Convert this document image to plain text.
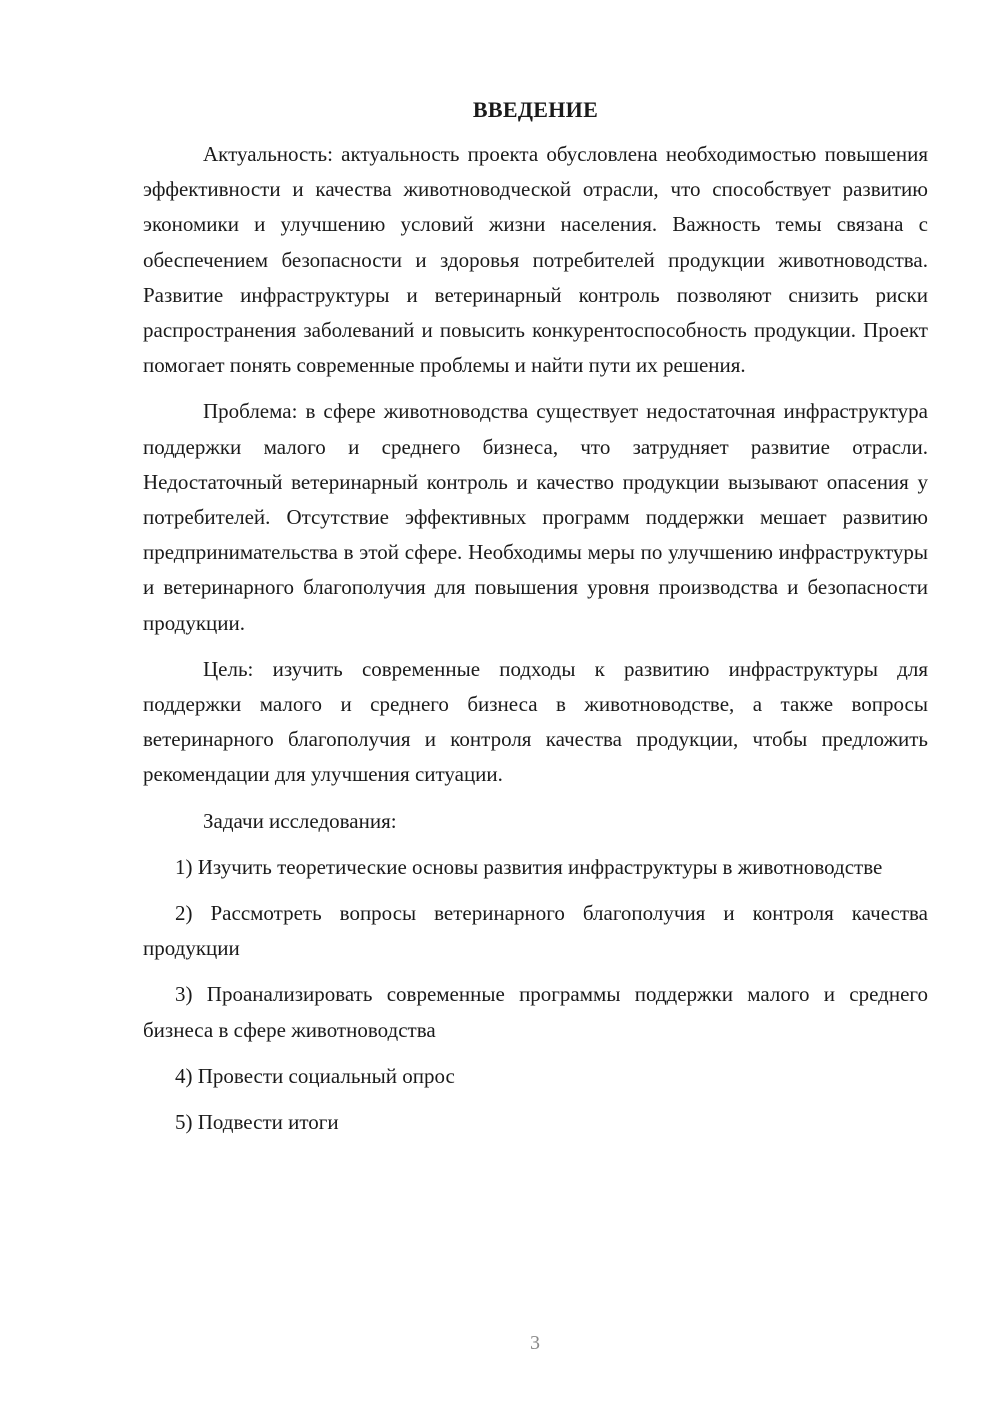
ВВЕДЕНИЕ

Актуальность: актуальность проекта обусловлена необходимостью повышения эффективности и качества животноводческой отрасли, что способствует развитию экономики и улучшению условий жизни населения. Важность темы связана с обеспечением безопасности и здоровья потребителей продукции животноводства. Развитие инфраструктуры и ветеринарный контроль позволяют снизить риски распространения заболеваний и повысить конкурентоспособность продукции. Проект помогает понять современные проблемы и найти пути их решения.

Проблема: в сфере животноводства существует недостаточная инфраструктура поддержки малого и среднего бизнеса, что затрудняет развитие отрасли. Недостаточный ветеринарный контроль и качество продукции вызывают опасения у потребителей. Отсутствие эффективных программ поддержки мешает развитию предпринимательства в этой сфере. Необходимы меры по улучшению инфраструктуры и ветеринарного благополучия для повышения уровня производства и безопасности продукции.

Цель: изучить современные подходы к развитию инфраструктуры для поддержки малого и среднего бизнеса в животноводстве, а также вопросы ветеринарного благополучия и контроля качества продукции, чтобы предложить рекомендации для улучшения ситуации.

Задачи исследования:

1) Изучить теоретические основы развития инфраструктуры в животноводстве

2) Рассмотреть вопросы ветеринарного благополучия и контроля качества продукции

3) Проанализировать современные программы поддержки малого и среднего бизнеса в сфере животноводства

4) Провести социальный опрос

5) Подвести итоги

3
